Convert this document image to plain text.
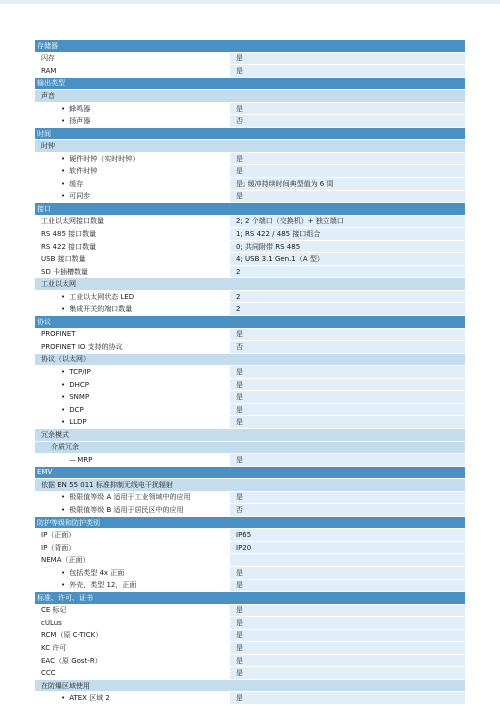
存储器	
闪存	是
RAM	是
输出类型	
声音	
• 蜂鸣器	是
• 扬声器	否
时间	
时钟	
• 硬件时钟（实时时钟）	是
• 软件时钟	是
• 缓存	是; 缓冲持续时间典型值为 6 周
• 可同步	是
接口	
工业以太网接口数量	2; 2 个端口（交换机）+ 独立端口
RS 485 接口数量	1; RS 422 / 485 接口组合
RS 422 接口数量	0; 共同附带 RS 485
USB 接口数量	4; USB 3.1 Gen.1（A 型）
SD 卡插槽数量	2
工业以太网	
• 工业以太网状态 LED	2
• 集成开关的端口数量	2
协议	
PROFINET	是
PROFINET IO 支持的协议	否
协议（以太网）	
• TCP/IP	是
• DHCP	是
• SNMP	是
• DCP	是
• LLDP	是
冗余模式	
介质冗余	
— MRP	是
EMV	
依据 EN 55 011 标准抑制无线电干扰辐射	
• 极限值等级 A 适用于工业领域中的应用	是
• 极限值等级 B 适用于居民区中的应用	否
防护等级和防护类别	
IP（正面）	IP65
IP（背面）	IP20
NEMA（正面）	
• 包括类型 4x 正面	是
• 外壳，类型 12，正面	是
标准、许可、证书	
CE 标记	是
cULus	是
RCM（原 C-TICK）	是
KC 许可	是
EAC（原 Gost-R）	是
CCC	是
在防爆区域使用	
• ATEX 区域 2	是
